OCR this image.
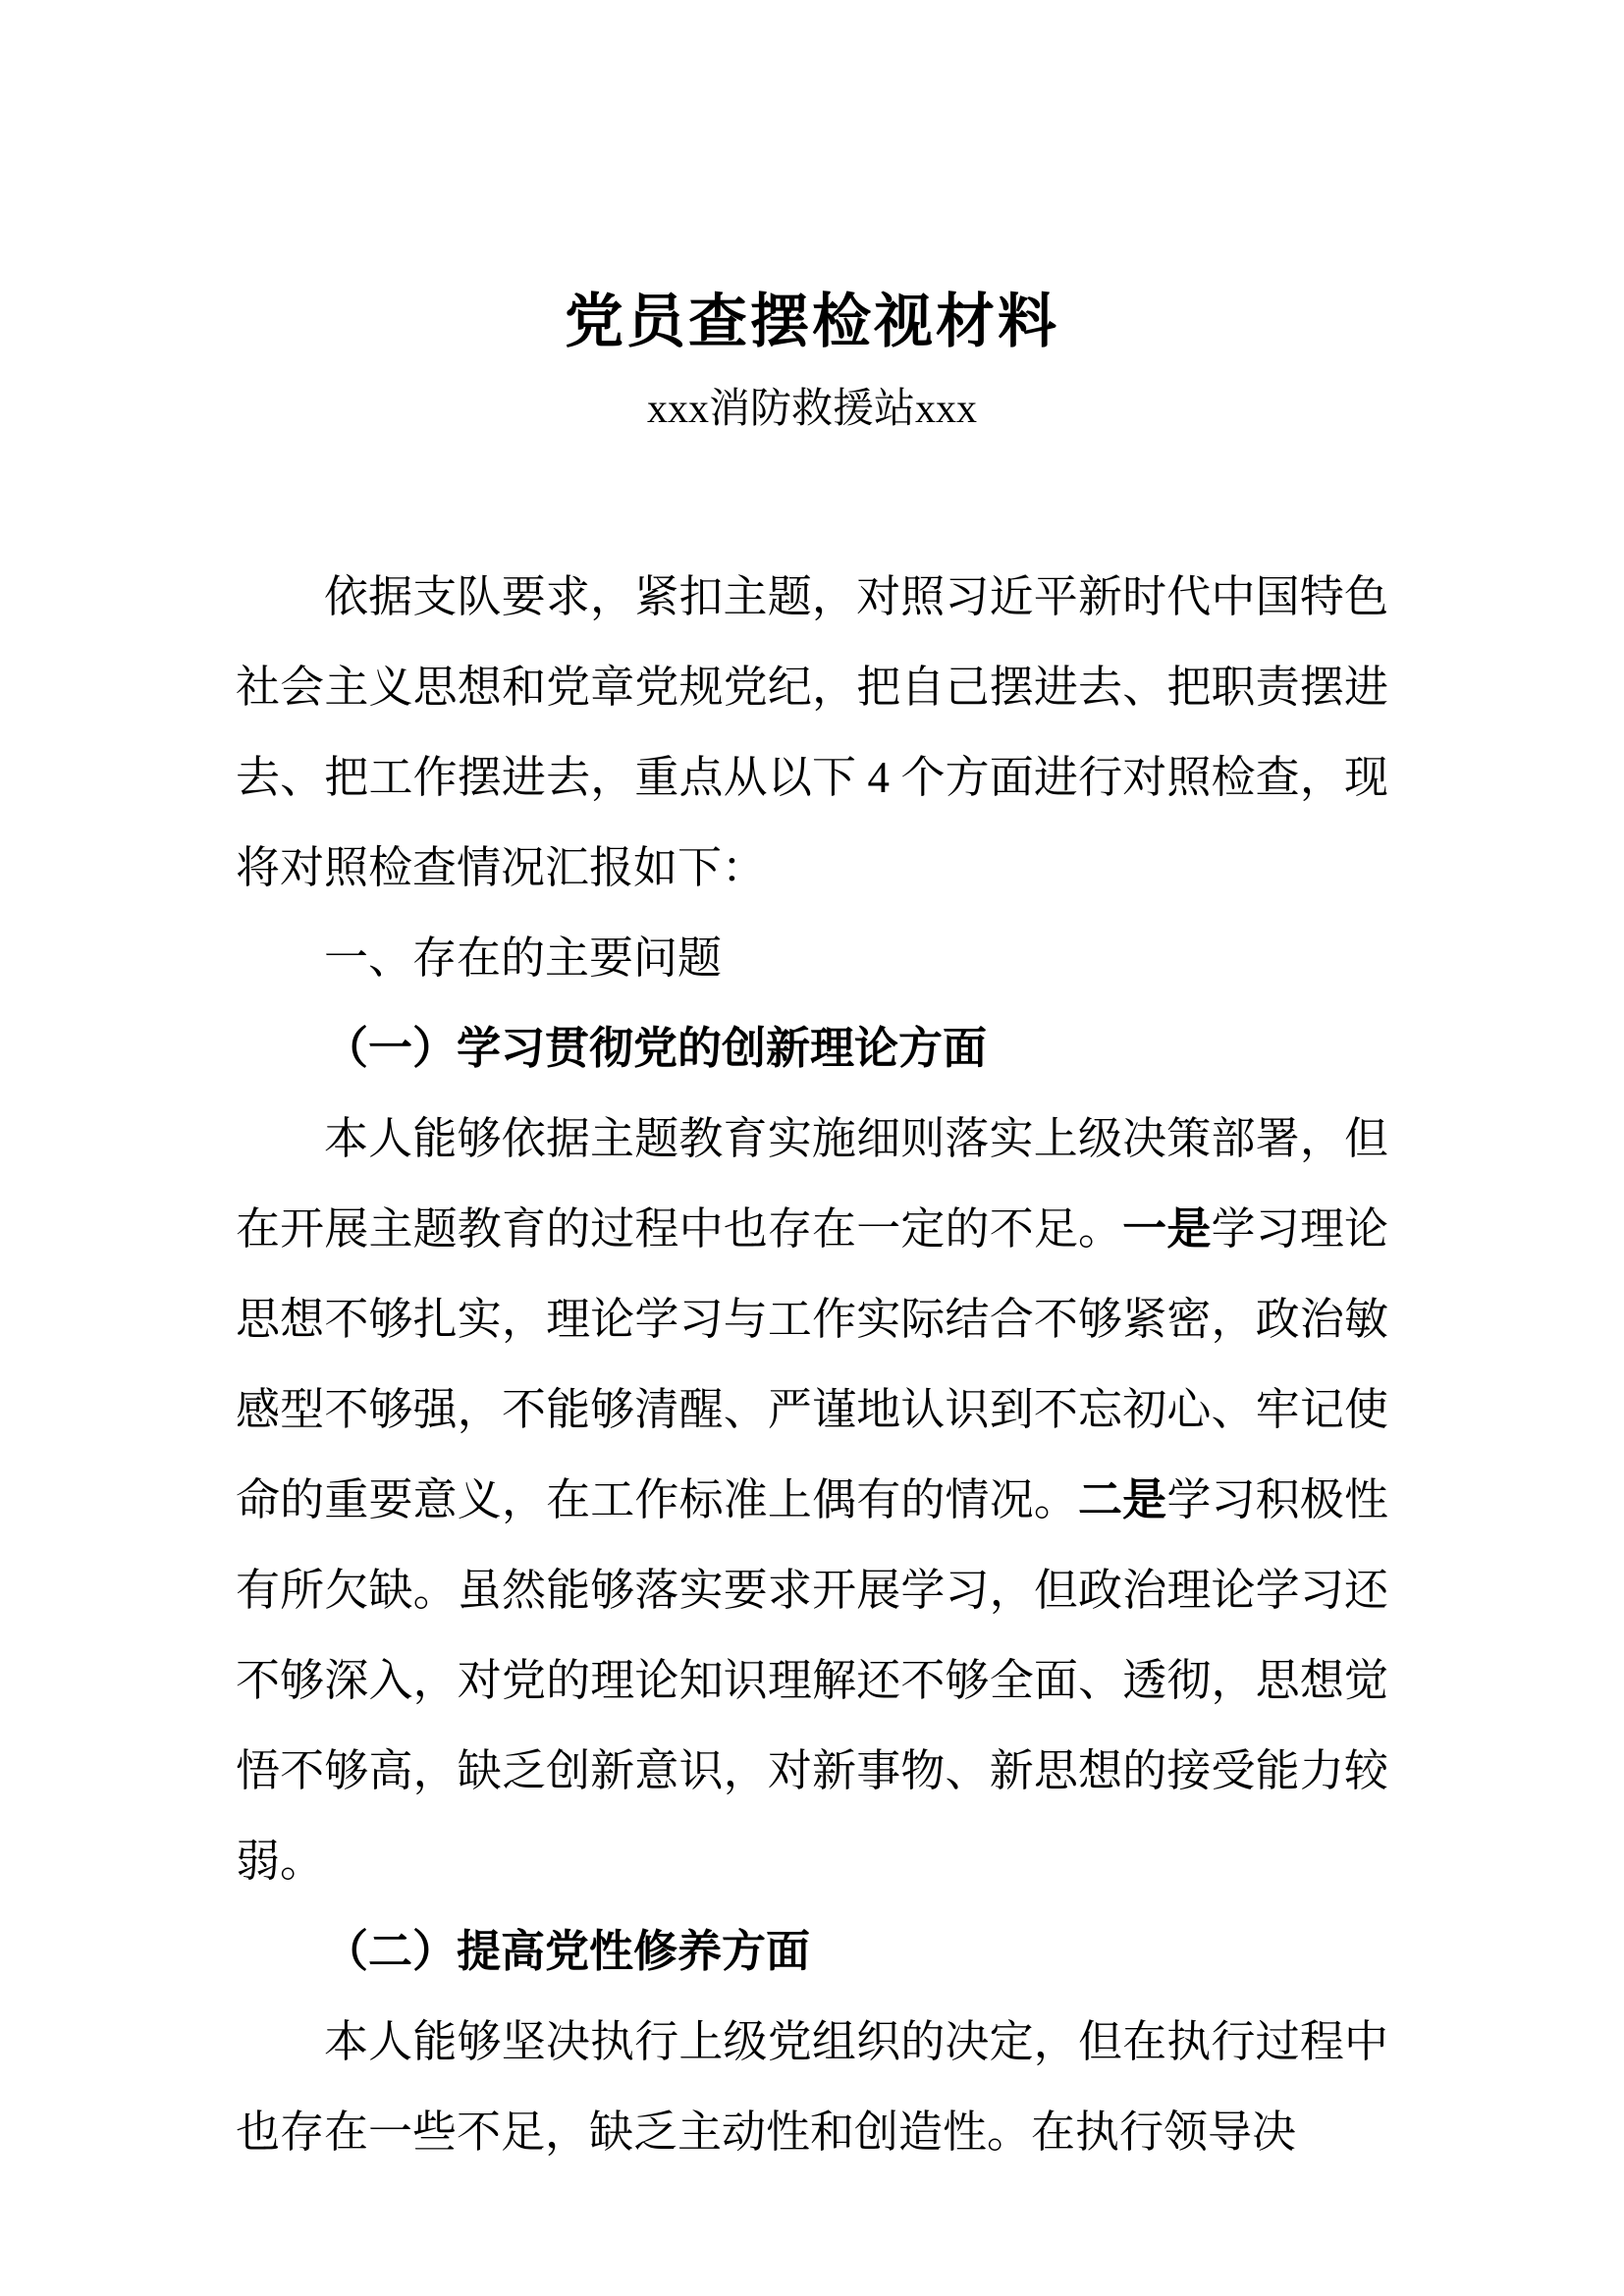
党员查摆检视材料
xxx消防救援站xxx

依据支队要求，紧扣主题，对照习近平新时代中国特色社会主义思想和党章党规党纪，把自己摆进去、把职责摆进去、把工作摆进去，重点从以下 4 个方面进行对照检查，现将对照检查情况汇报如下：

一、存在的主要问题

（一）学习贯彻党的创新理论方面

本人能够依据主题教育实施细则落实上级决策部署，但在开展主题教育的过程中也存在一定的不足。一是学习理论思想不够扎实，理论学习与工作实际结合不够紧密，政治敏感型不够强，不能够清醒、严谨地认识到不忘初心、牢记使命的重要意义，在工作标准上偶有的情况。二是学习积极性有所欠缺。虽然能够落实要求开展学习，但政治理论学习还不够深入，对党的理论知识理解还不够全面、透彻，思想觉悟不够高，缺乏创新意识，对新事物、新思想的接受能力较弱。

（二）提高党性修养方面

本人能够坚决执行上级党组织的决定，但在执行过程中也存在一些不足，缺乏主动性和创造性。在执行领导决
